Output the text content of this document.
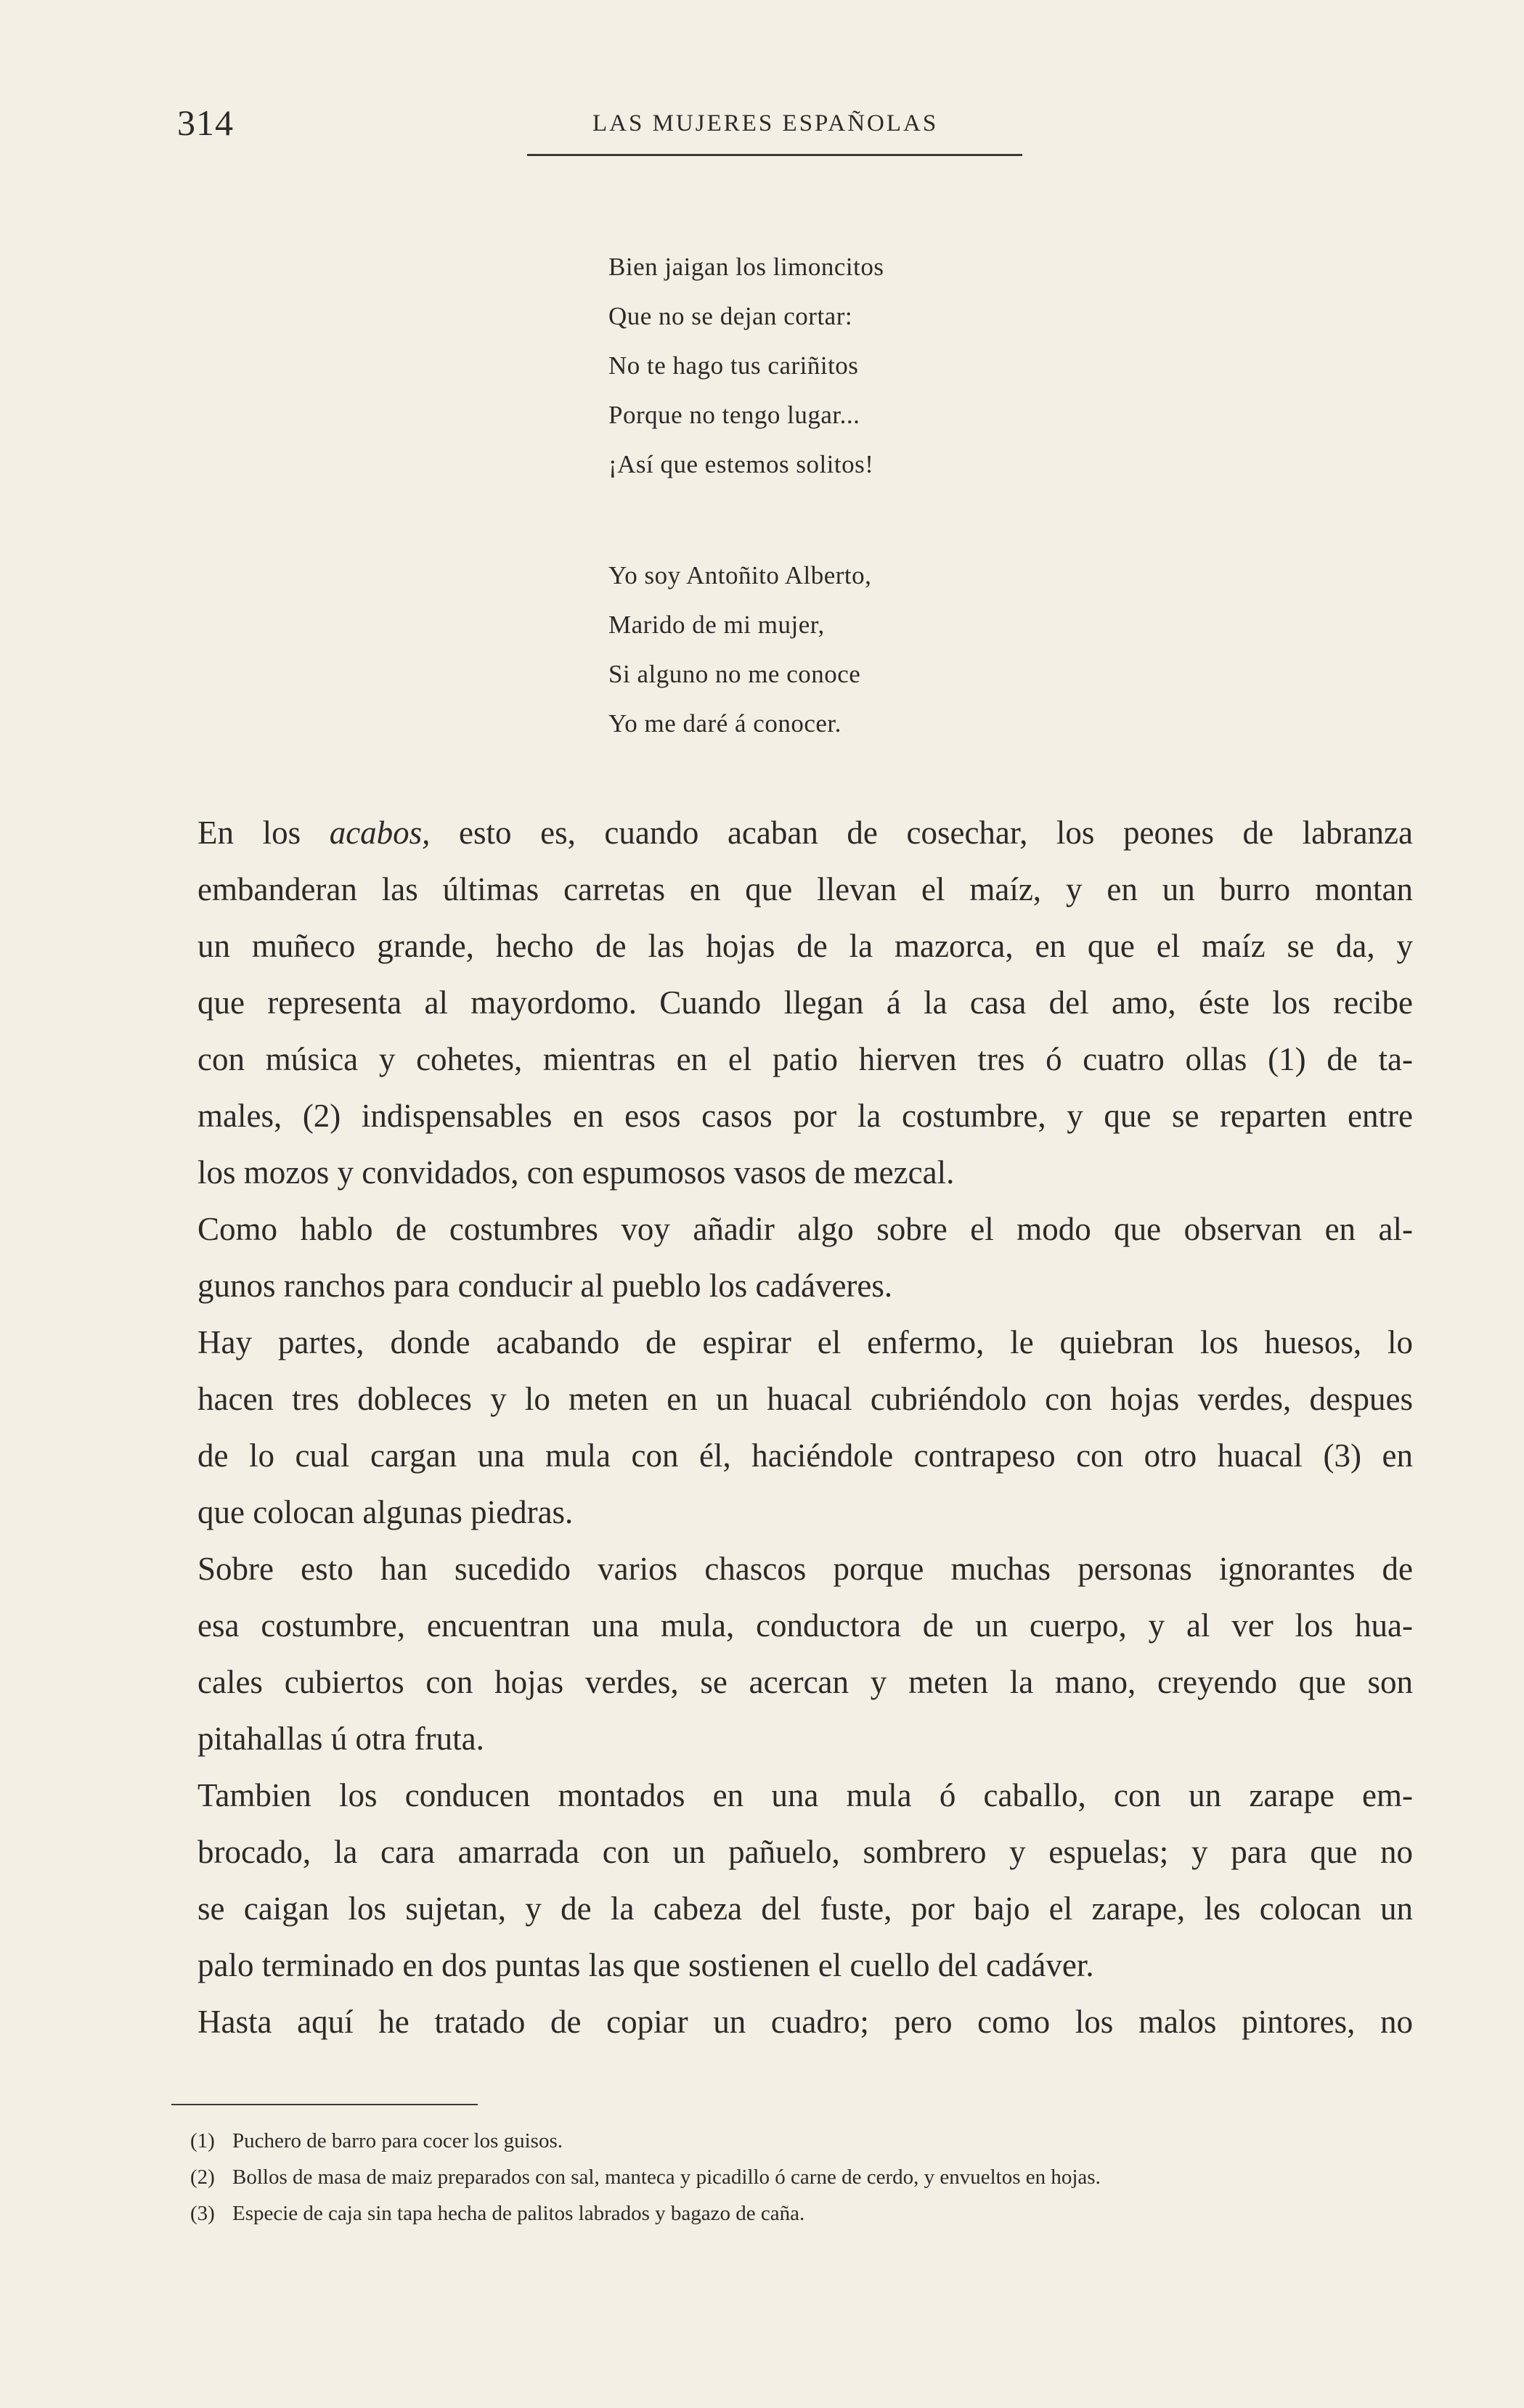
314	LAS MUJERES ESPAÑOLAS
Bien jaigan los limoncitos
Que no se dejan cortar:
No te hago tus cariñitos
Porque no tengo lugar...
¡Así que estemos solitos!
Yo soy Antoñito Alberto,
Marido de mi mujer,
Si alguno no me conoce
Yo me daré á conocer.
En los acabos, esto es, cuando acaban de cosechar, los peones de labranza
embanderan las últimas carretas en que llevan el maíz, y en un burro montan
un muñeco grande, hecho de las hojas de la mazorca, en que el maíz se da, y
que representa al mayordomo. Cuando llegan á la casa del amo, éste los recibe
con música y cohetes, mientras en el patio hierven tres ó cuatro ollas (1) de ta-
males, (2) indispensables en esos casos por la costumbre, y que se reparten entre
los mozos y convidados, con espumosos vasos de mezcal.
Como hablo de costumbres voy añadir algo sobre el modo que observan en al-
gunos ranchos para conducir al pueblo los cadáveres.
Hay partes, donde acabando de espirar el enfermo, le quiebran los huesos, lo
hacen tres dobleces y lo meten en un huacal cubriéndolo con hojas verdes, despues
de lo cual cargan una mula con él, haciéndole contrapeso con otro huacal (3) en
que colocan algunas piedras.
Sobre esto han sucedido varios chascos porque muchas personas ignorantes de
esa costumbre, encuentran una mula, conductora de un cuerpo, y al ver los hua-
cales cubiertos con hojas verdes, se acercan y meten la mano, creyendo que son
pitahallas ú otra fruta.
Tambien los conducen montados en una mula ó caballo, con un zarape em-
brocado, la cara amarrada con un pañuelo, sombrero y espuelas; y para que no
se caigan los sujetan, y de la cabeza del fuste, por bajo el zarape, les colocan un
palo terminado en dos puntas las que sostienen el cuello del cadáver.
Hasta aquí he tratado de copiar un cuadro; pero como los malos pintores, no
(1) Puchero de barro para cocer los guisos.
(2) Bollos de masa de maiz preparados con sal, manteca y picadillo ó carne de cerdo, y envueltos en hojas.
(3) Especie de caja sin tapa hecha de palitos labrados y bagazo de caña.
